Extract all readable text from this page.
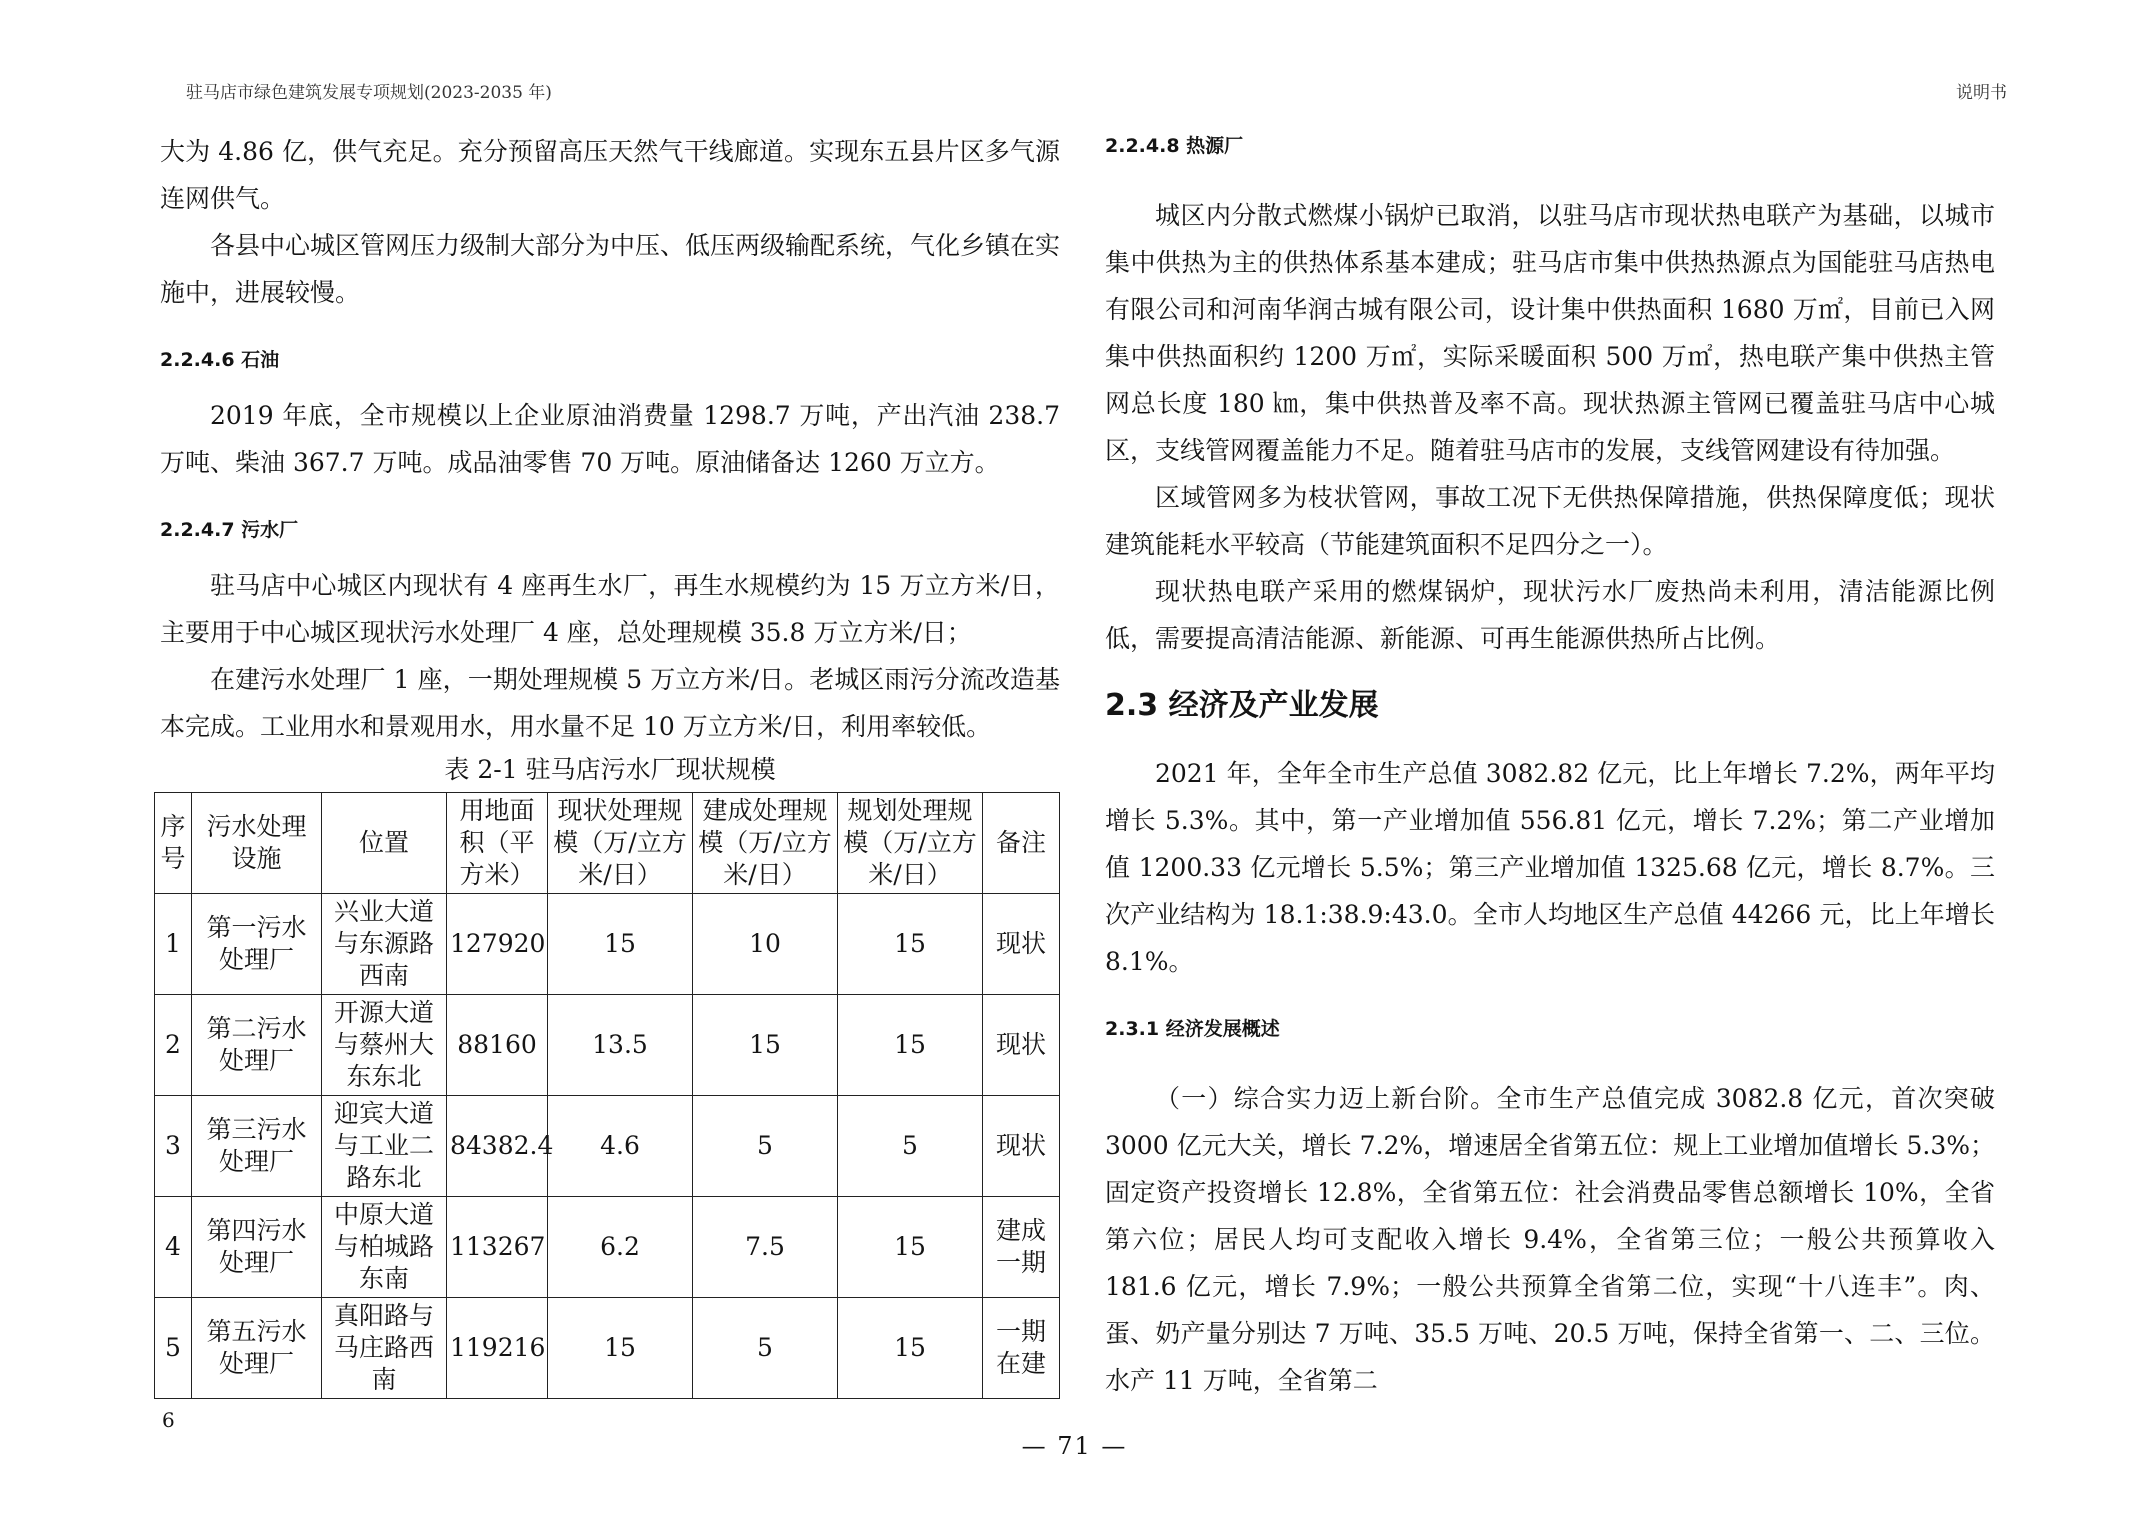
驻马店市绿色建筑发展专项规划(2023-2035 年)	说明书

大为 4.86 亿，供气充足。充分预留高压天然气干线廊道。实现东五县片区多气源连网供气。

各县中心城区管网压力级制大部分为中压、低压两级输配系统，气化乡镇在实施中，进展较慢。

2.2.4.6 石油

2019 年底，全市规模以上企业原油消费量 1298.7 万吨，产出汽油 238.7 万吨、柴油 367.7 万吨。成品油零售 70 万吨。原油储备达 1260 万立方。

2.2.4.7 污水厂

驻马店中心城区内现状有 4 座再生水厂，再生水规模约为 15 万立方米/日，主要用于中心城区现状污水处理厂 4 座，总处理规模 35.8 万立方米/日；

在建污水处理厂 1 座，一期处理规模 5 万立方米/日。老城区雨污分流改造基本完成。工业用水和景观用水，用水量不足 10 万立方米/日，利用率较低。

表 2-1 驻马店污水厂现状规模
序号	污水处理设施	位置	用地面积（平方米）	现状处理规模（万/立方米/日）	建成处理规模（万/立方米/日）	规划处理规模（万/立方米/日）	备注
1	第一污水处理厂	兴业大道与东源路西南	127920	15	10	15	现状
2	第二污水处理厂	开源大道与蔡州大东东北	88160	13.5	15	15	现状
3	第三污水处理厂	迎宾大道与工业二路东北	84382.4	4.6	5	5	现状
4	第四污水处理厂	中原大道与柏城路东南	113267	6.2	7.5	15	建成一期
5	第五污水处理厂	真阳路与马庄路西南	119216	15	5	15	一期在建
2.2.4.8 热源厂

城区内分散式燃煤小锅炉已取消，以驻马店市现状热电联产为基础，以城市集中供热为主的供热体系基本建成；驻马店市集中供热热源点为国能驻马店热电有限公司和河南华润古城有限公司，设计集中供热面积 1680 万㎡，目前已入网集中供热面积约 1200 万㎡，实际采暖面积 500 万㎡，热电联产集中供热主管网总长度 180 ㎞，集中供热普及率不高。现状热源主管网已覆盖驻马店中心城区，支线管网覆盖能力不足。随着驻马店市的发展，支线管网建设有待加强。

区域管网多为枝状管网，事故工况下无供热保障措施，供热保障度低；现状建筑能耗水平较高（节能建筑面积不足四分之一）。

现状热电联产采用的燃煤锅炉，现状污水厂废热尚未利用，清洁能源比例低，需要提高清洁能源、新能源、可再生能源供热所占比例。

2.3 经济及产业发展

2021 年，全年全市生产总值 3082.82 亿元，比上年增长 7.2%，两年平均增长 5.3%。其中，第一产业增加值 556.81 亿元，增长 7.2%；第二产业增加值 1200.33 亿元增长 5.5%；第三产业增加值 1325.68 亿元，增长 8.7%。三次产业结构为 18.1:38.9:43.0。全市人均地区生产总值 44266 元，比上年增长 8.1%。

2.3.1 经济发展概述

（一）综合实力迈上新台阶。全市生产总值完成 3082.8 亿元，首次突破 3000 亿元大关，增长 7.2%，增速居全省第五位：规上工业增加值增长 5.3%；固定资产投资增长 12.8%，全省第五位：社会消费品零售总额增长 10%，全省第六位；居民人均可支配收入增长 9.4%，全省第三位；一般公共预算收入 181.6 亿元，增长 7.9%；一般公共预算全省第二位，实现“十八连丰”。肉、蛋、奶产量分别达 7 万吨、35.5 万吨、20.5 万吨，保持全省第一、二、三位。水产 11 万吨，全省第二

6
— 71 —
